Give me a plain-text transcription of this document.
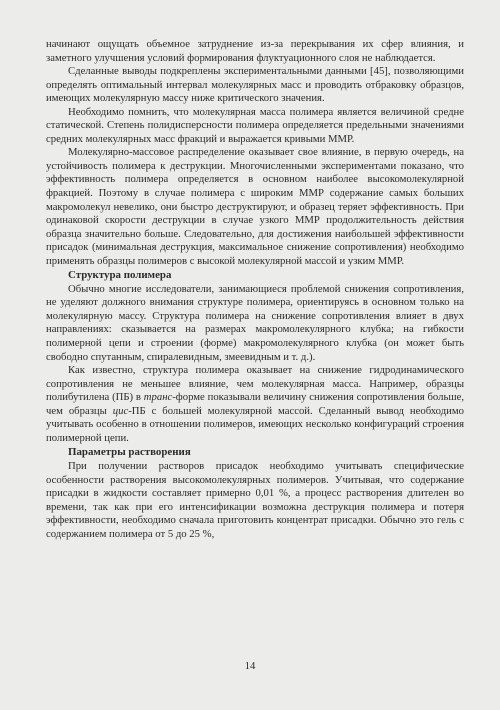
начинают ощущать объемное затруднение из-за перекрывания их сфер влияния, и заметного улучшения условий формирования флуктуационного слоя не наблюдается.

Сделанные выводы подкреплены экспериментальными данными [45], позволяющими определять оптимальный интервал молекулярных масс и проводить отбраковку образцов, имеющих молекулярную массу ниже критического значения.

Необходимо помнить, что молекулярная масса полимера является величиной средне статической. Степень полидисперсности полимера определяется предельными значениями средних молекулярных масс фракций и выражается кривыми ММР.

Молекулярно-массовое распределение оказывает свое влияние, в первую очередь, на устойчивость полимера к деструкции. Многочисленными экспериментами показано, что эффективность полимера определяется в основном наиболее высокомолекулярной фракцией. Поэтому в случае полимера с широким ММР содержание самых больших макромолекул невелико, они быстро деструктируют, и образец теряет эффективность. При одинаковой скорости деструкции в случае узкого ММР продолжительность действия образца значительно больше. Следовательно, для достижения наибольшей эффективности присадок (минимальная деструкция, максимальное снижение сопротивления) необходимо применять образцы полимеров с высокой молекулярной массой и узким ММР.

Структура полимера

Обычно многие исследователи, занимающиеся проблемой снижения сопротивления, не уделяют должного внимания структуре полимера, ориентируясь в основном только на молекулярную массу. Структура полимера на снижение сопротивления влияет в двух направлениях: сказывается на размерах макромолекулярного клубка; на гибкости полимерной цепи и строении (форме) макромолекулярного клубка (он может быть свободно спутанным, спиралевидным, змеевидным и т. д.).

Как известно, структура полимера оказывает на снижение гидродинамического сопротивления не меньшее влияние, чем молекулярная масса. Например, образцы полибутилена (ПБ) в транс-форме показывали величину снижения сопротивления больше, чем образцы цис-ПБ с большей молекулярной массой. Сделанный вывод необходимо учитывать особенно в отношении полимеров, имеющих несколько конфигураций строения полимерной цепи.

Параметры растворения

При получении растворов присадок необходимо учитывать специфические особенности растворения высокомолекулярных полимеров. Учитывая, что содержание присадки в жидкости составляет примерно 0,01 %, а процесс растворения длителен во времени, так как при его интенсификации возможна деструкция полимера и потеря эффективности, необходимо сначала приготовить концентрат присадки. Обычно это гель с содержанием полимера от 5 до 25 %,

14
